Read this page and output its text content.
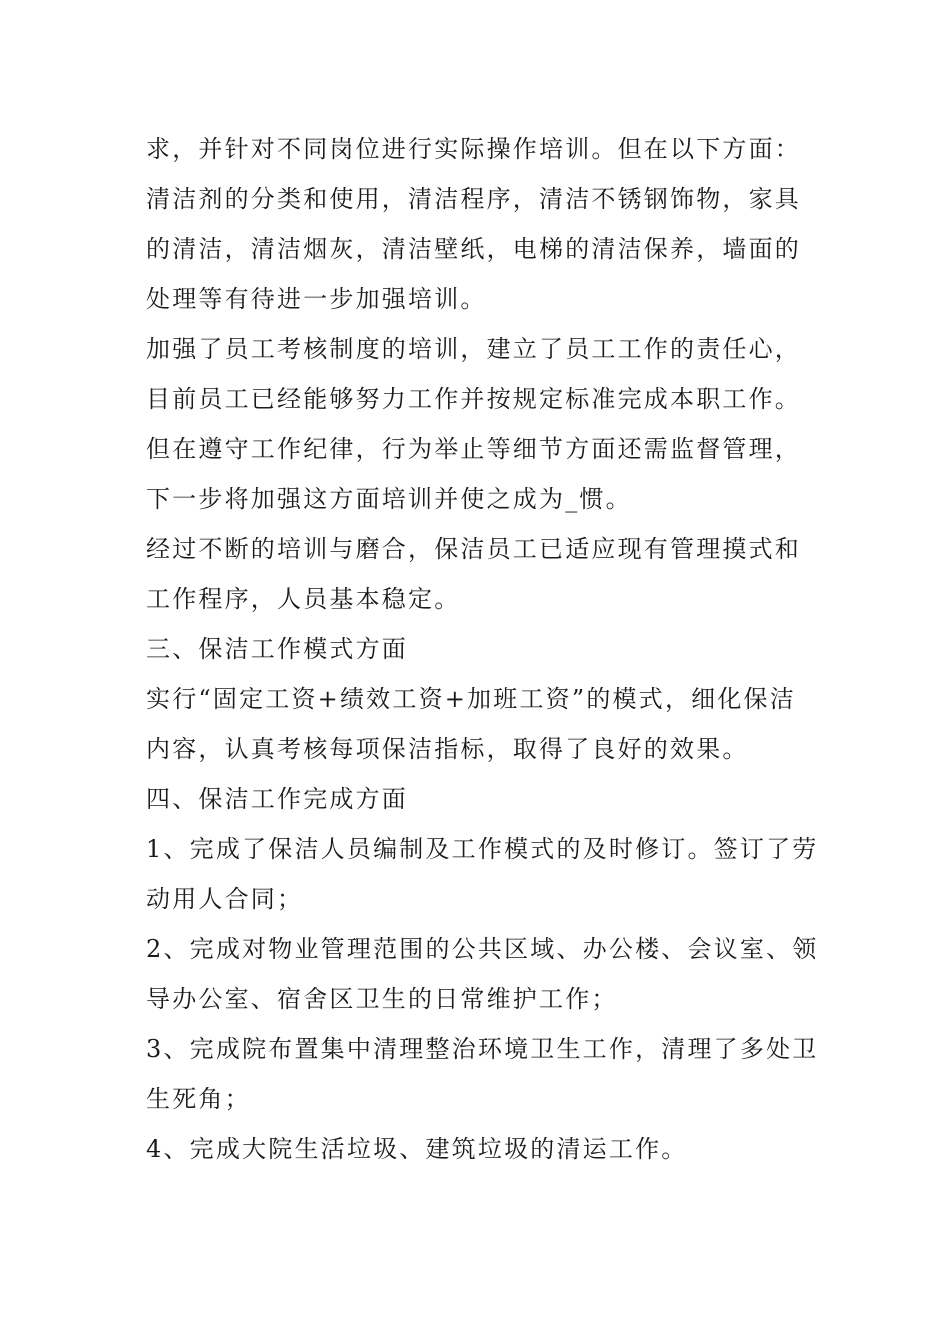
求，并针对不同岗位进行实际操作培训。但在以下方面：
清洁剂的分类和使用，清洁程序，清洁不锈钢饰物，家具
的清洁，清洁烟灰，清洁壁纸，电梯的清洁保养，墙面的
处理等有待进一步加强培训。
加强了员工考核制度的培训，建立了员工工作的责任心，
目前员工已经能够努力工作并按规定标准完成本职工作。
但在遵守工作纪律，行为举止等细节方面还需监督管理，
下一步将加强这方面培训并使之成为_惯。
经过不断的培训与磨合，保洁员工已适应现有管理摸式和
工作程序，人员基本稳定。
三、保洁工作模式方面
实行“固定工资+绩效工资+加班工资”的模式，细化保洁
内容，认真考核每项保洁指标，取得了良好的效果。
四、保洁工作完成方面
1、完成了保洁人员编制及工作模式的及时修订。签订了劳
动用人合同；
2、完成对物业管理范围的公共区域、办公楼、会议室、领
导办公室、宿舍区卫生的日常维护工作；
3、完成院布置集中清理整治环境卫生工作，清理了多处卫
生死角；
4、完成大院生活垃圾、建筑垃圾的清运工作。
